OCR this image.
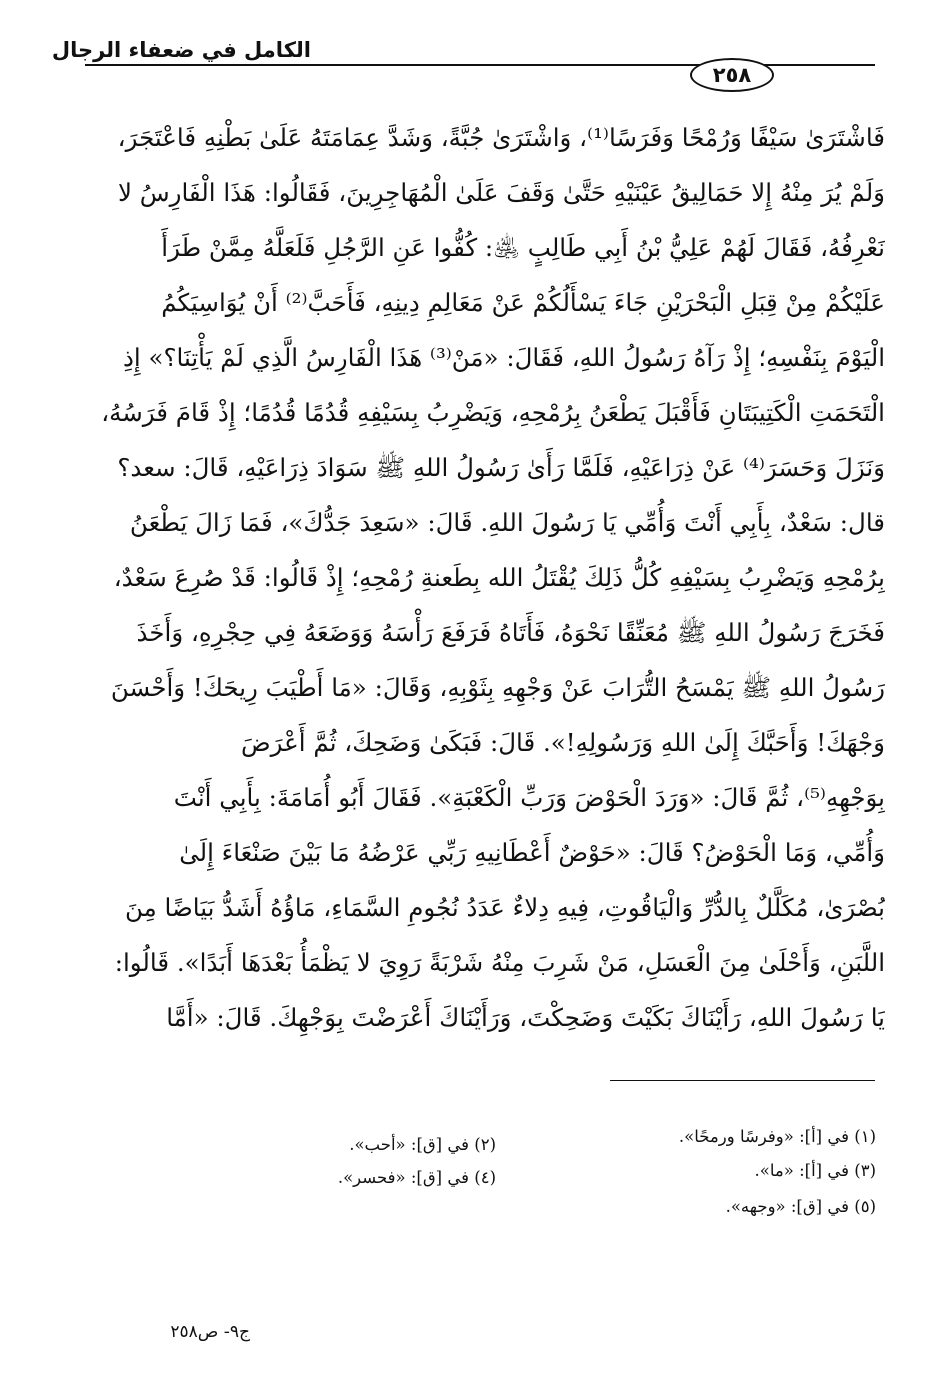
الكامل في ضعفاء الرجال
٢٥٨
فَاشْتَرَىٰ سَيْفًا وَرُمْحًا وَفَرَسًا⁽¹⁾، وَاشْتَرَىٰ جُبَّةً، وَشَدَّ عِمَامَتَهُ عَلَىٰ بَطْنِهِ فَاعْتَجَرَ،
وَلَمْ يُرَ مِنْهُ إِلا حَمَالِيقُ عَيْنَيْهِ حَتَّىٰ وَقَفَ عَلَىٰ الْمُهَاجِرِينَ، فَقَالُوا: هَذَا الْفَارِسُ لا
نَعْرِفُهُ، فَقَالَ لَهُمْ عَلِيُّ بْنُ أَبِي طَالِبٍ ﵁: كُفُّوا عَنِ الرَّجُلِ فَلَعَلَّهُ مِمَّنْ طَرَأَ
عَلَيْكُمْ مِنْ قِبَلِ الْبَحْرَيْنِ جَاءَ يَسْأَلُكُمْ عَنْ مَعَالِمِ دِينِهِ، فَأَحَبَّ⁽²⁾ أَنْ يُوَاسِيَكُمُ
الْيَوْمَ بِنَفْسِهِ؛ إِذْ رَآهُ رَسُولُ اللهِ، فَقَالَ: «مَنْ⁽³⁾ هَذَا الْفَارِسُ الَّذِي لَمْ يَأْتِنَا؟» إِذِ
الْتَحَمَتِ الْكَتِيبَتَانِ فَأَقْبَلَ يَطْعَنُ بِرُمْحِهِ، وَيَضْرِبُ بِسَيْفِهِ قُدُمًا قُدُمًا؛ إِذْ قَامَ فَرَسُهُ،
وَنَزَلَ وَحَسَرَ⁽⁴⁾ عَنْ ذِرَاعَيْهِ، فَلَمَّا رَأَىٰ رَسُولُ اللهِ ﷺ سَوَادَ ذِرَاعَيْهِ، قَالَ: سعد؟
قال: سَعْدٌ، بِأَبِي أَنْتَ وَأُمِّي يَا رَسُولَ اللهِ. قَالَ: «سَعِدَ جَدُّكَ»، فَمَا زَالَ يَطْعَنُ
بِرُمْحِهِ وَيَضْرِبُ بِسَيْفِهِ كُلُّ ذَلِكَ يُقْتَلُ الله بِطَعنةِ رُمْحِهِ؛ إِذْ قَالُوا: قَدْ صُرِعَ سَعْدٌ،
فَخَرَجَ رَسُولُ اللهِ ﷺ مُعَنِّقًا نَحْوَهُ، فَأَتَاهُ فَرَفَعَ رَأْسَهُ وَوَضَعَهُ فِي حِجْرِهِ، وَأَخَذَ
رَسُولُ اللهِ ﷺ يَمْسَحُ التُّرَابَ عَنْ وَجْهِهِ بِثَوْبِهِ، وَقَالَ: «مَا أَطْيَبَ رِيحَكَ! وَأَحْسَنَ
وَجْهَكَ! وَأَحَبَّكَ إِلَىٰ اللهِ وَرَسُولِهِ!». قَالَ: فَبَكَىٰ وَضَحِكَ، ثُمَّ أَعْرَضَ
بِوَجْهِهِ⁽⁵⁾، ثُمَّ قَالَ: «وَرَدَ الْحَوْضَ وَرَبِّ الْكَعْبَةِ». فَقَالَ أَبُو أُمَامَةَ: بِأَبِي أَنْتَ
وَأُمِّي، وَمَا الْحَوْضُ؟ قَالَ: «حَوْضٌ أَعْطَانِيهِ رَبِّي عَرْضُهُ مَا بَيْنَ صَنْعَاءَ إِلَىٰ
بُصْرَىٰ، مُكَلَّلٌ بِالدُّرِّ وَالْيَاقُوتِ، فِيهِ دِلاءٌ عَدَدُ نُجُومِ السَّمَاءِ، مَاؤُهُ أَشَدُّ بَيَاضًا مِنَ
اللَّبَنِ، وَأَحْلَىٰ مِنَ الْعَسَلِ، مَنْ شَرِبَ مِنْهُ شَرْبَةً رَوِيَ لا يَظْمَأُ بَعْدَهَا أَبَدًا». قَالُوا:
يَا رَسُولَ اللهِ، رَأَيْنَاكَ بَكَيْتَ وَضَحِكْتَ، وَرَأَيْنَاكَ أَعْرَضْتَ بِوَجْهِكَ. قَالَ: «أَمَّا
(١) في [أ]: «وفرسًا ورمحًا».
(٢) في [ق]: «أحب».
(٣) في [أ]: «ما».
(٤) في [ق]: «فحسر».
(٥) في [ق]: «وجهه».
ج٩- ص٢٥٨
